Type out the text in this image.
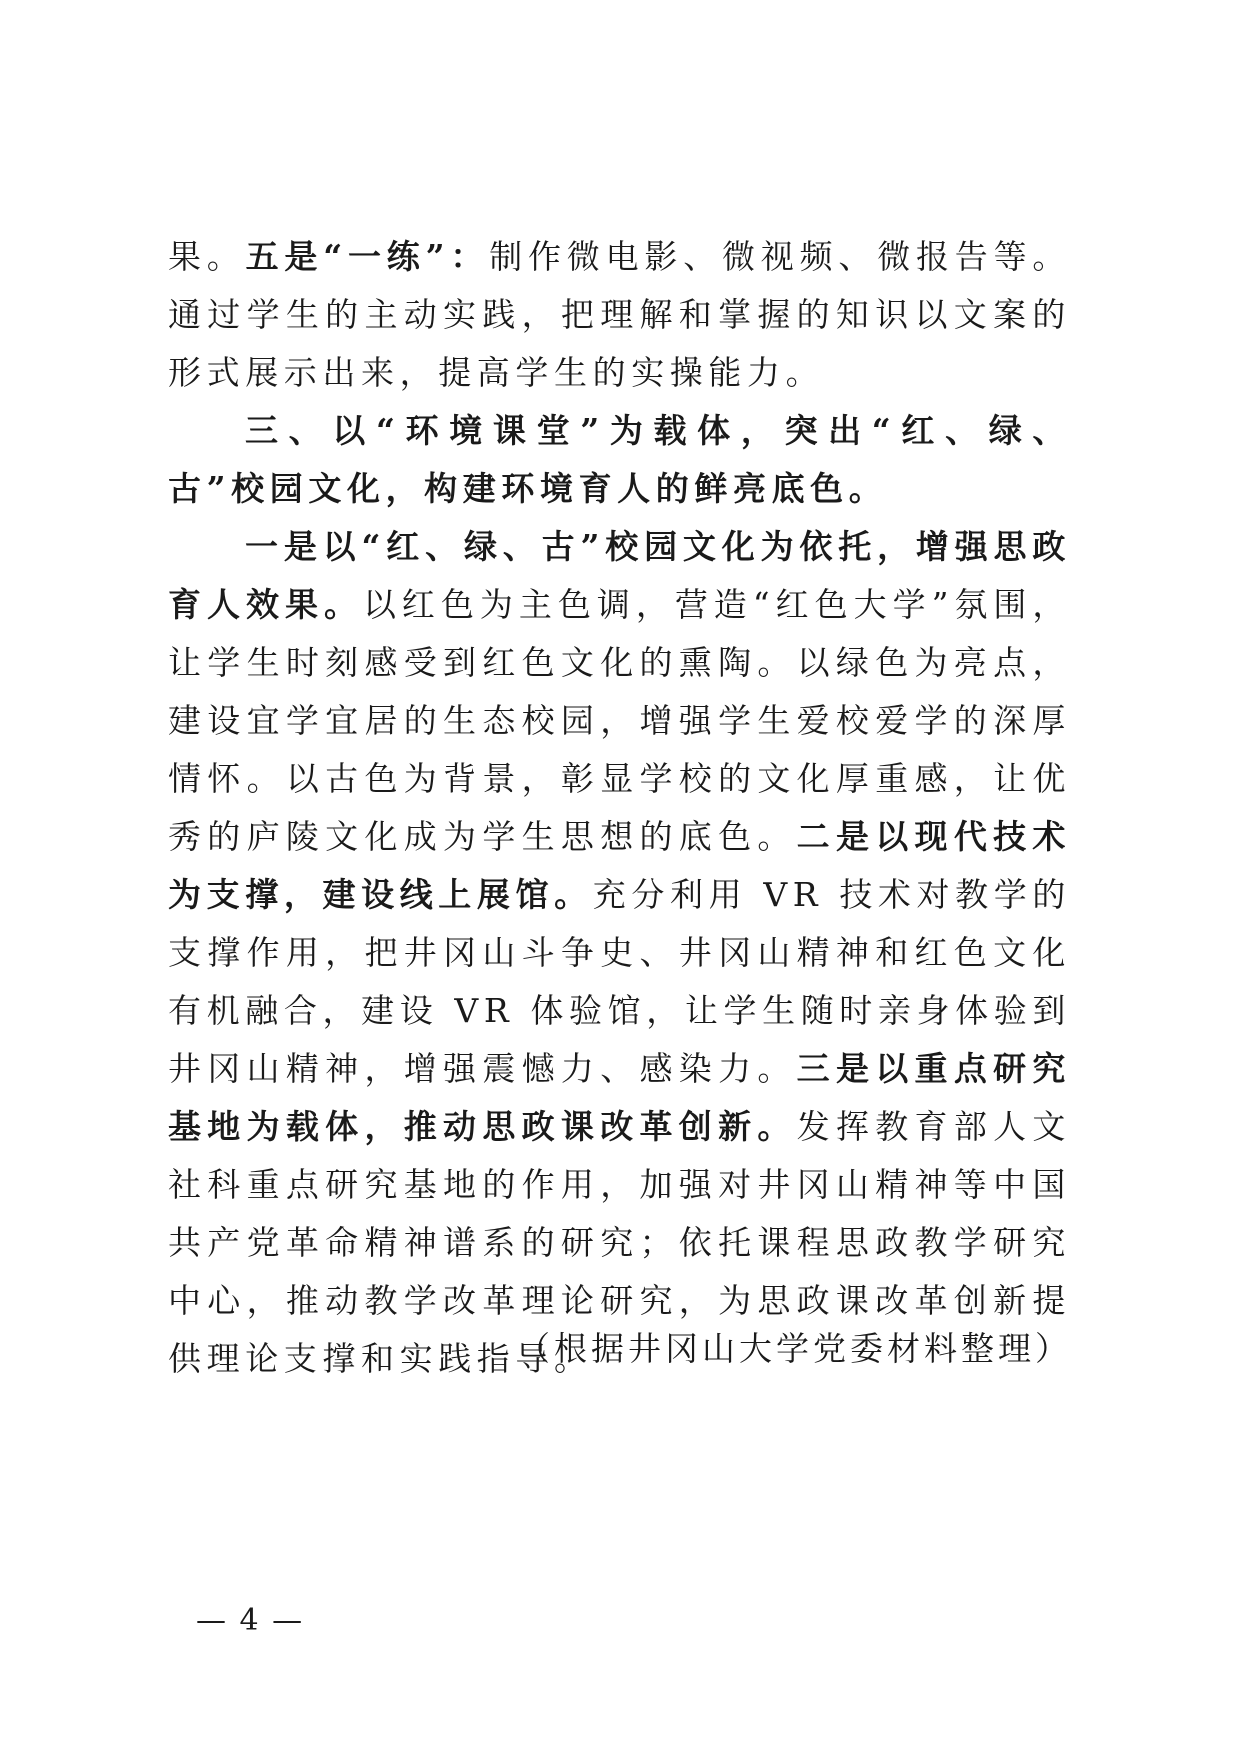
果。五是“一练”：制作微电影、微视频、微报告等。通过学生的主动实践，把理解和掌握的知识以文案的形式展示出来，提高学生的实操能力。

三、以“环境课堂”为载体，突出“红、绿、古”校园文化，构建环境育人的鲜亮底色。

一是以“红、绿、古”校园文化为依托，增强思政育人效果。以红色为主色调，营造“红色大学”氛围，让学生时刻感受到红色文化的熏陶。以绿色为亮点，建设宜学宜居的生态校园，增强学生爱校爱学的深厚情怀。以古色为背景，彰显学校的文化厚重感，让优秀的庐陵文化成为学生思想的底色。二是以现代技术为支撑，建设线上展馆。充分利用 VR 技术对教学的支撑作用，把井冈山斗争史、井冈山精神和红色文化有机融合，建设 VR 体验馆，让学生随时亲身体验到井冈山精神，增强震憾力、感染力。三是以重点研究基地为载体，推动思政课改革创新。发挥教育部人文社科重点研究基地的作用，加强对井冈山精神等中国共产党革命精神谱系的研究；依托课程思政教学研究中心，推动教学改革理论研究，为思政课改革创新提供理论支撑和实践指导。

（根据井冈山大学党委材料整理）
— 4 —
